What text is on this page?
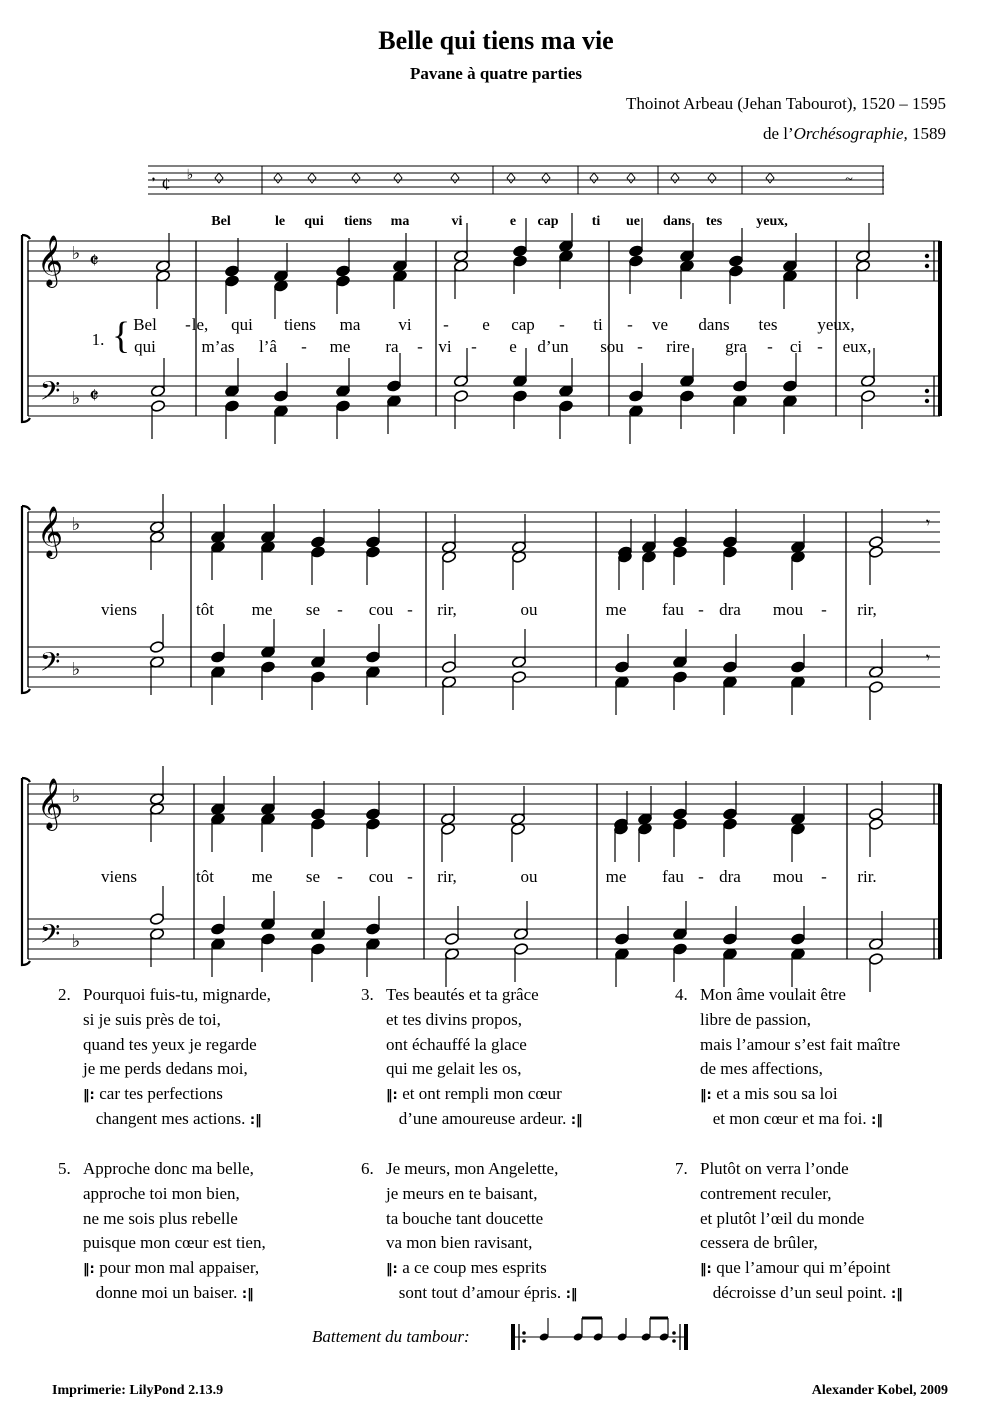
Belle qui tiens ma vie
Pavane à quatre parties
Thoinot Arbeau (Jehan Tabourot), 1520 – 1595
de l’Orchésographie, 1589
𝄒 ¢ ♭	~
Bel	le qui tiens ma	vi	e cap ti ue dans tes yeux,
𝄞
𝄢
♭
♭
𝄵
𝄵
𝄞
𝄢
♭
♭
𝄾
𝄾
𝄞
𝄢
♭
♭
1. { Bel - le, qui tiens ma vi - e cap - ti - ve dans tes yeux,
qui	m’as l’â - me ra - vi - e d’un sou - rire gra - ci - eux,
viens	tôt me se - cou - rir,	ou	me fau - dra mou - rir,
viens	tôt me se - cou - rir,	ou	me fau - dra mou - rir.
2. Pourquoi fuis-tu, mignarde,
si je suis près de toi,
quand tes yeux je regarde
je me perds dedans moi,
‖: car tes perfections
changent mes actions. :‖
3. Tes beautés et ta grâce
et tes divins propos,
ont échauffé la glace
qui me gelait les os,
‖: et ont rempli mon cœur
d’une amoureuse ardeur. :‖
4. Mon âme voulait être
libre de passion,
mais l’amour s’est fait maître
de mes affections,
‖: et a mis sou sa loi
et mon cœur et ma foi. :‖
5. Approche donc ma belle,
approche toi mon bien,
ne me sois plus rebelle
puisque mon cœur est tien,
‖: pour mon mal appaiser,
donne moi un baiser. :‖
6. Je meurs, mon Angelette,
je meurs en te baisant,
ta bouche tant doucette
va mon bien ravisant,
‖: a ce coup mes esprits
sont tout d’amour épris. :‖
7. Plutôt on verra l’onde
contrement reculer,
et plutôt l’œil du monde
cessera de brûler,
‖: que l’amour qui m’époint
décroisse d’un seul point. :‖
Battement du tambour:
Imprimerie: LilyPond 2.13.9	Alexander Kobel, 2009
